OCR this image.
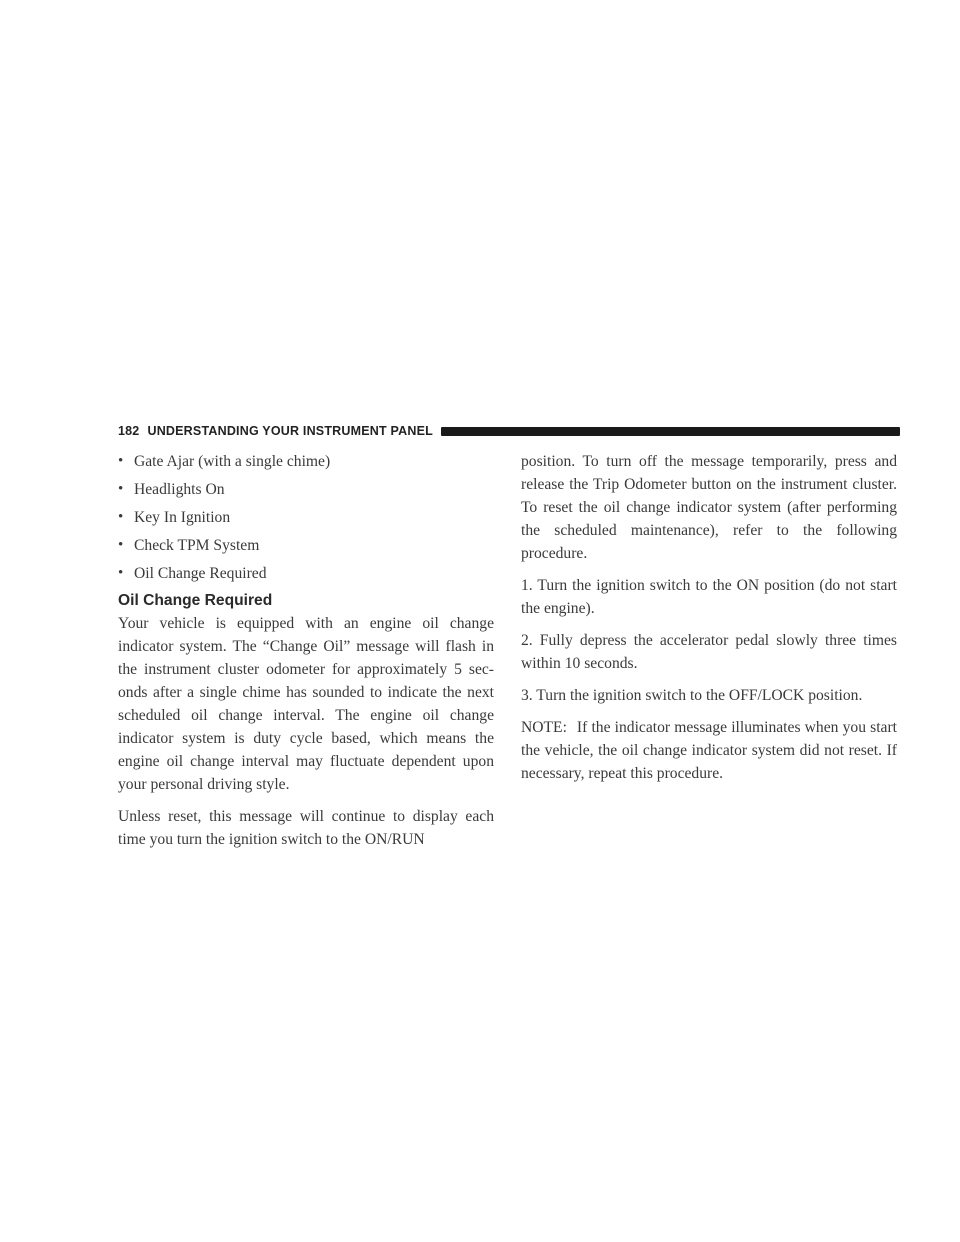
182 UNDERSTANDING YOUR INSTRUMENT PANEL
• Gate Ajar (with a single chime)
• Headlights On
• Key In Ignition
• Check TPM System
• Oil Change Required
Oil Change Required

Your vehicle is equipped with an engine oil change indicator system. The “Change Oil” message will flash in the instrument cluster odometer for approximately 5 sec- onds after a single chime has sounded to indicate the next scheduled oil change interval. The engine oil change indicator system is duty cycle based, which means the engine oil change interval may fluctuate dependent upon your personal driving style.

Unless reset, this message will continue to display each time you turn the ignition switch to the ON/RUN

position. To turn off the message temporarily, press and release the Trip Odometer button on the instrument cluster. To reset the oil change indicator system (after performing the scheduled maintenance), refer to the following procedure.

1. Turn the ignition switch to the ON position (do not start the engine).

2. Fully depress the accelerator pedal slowly three times within 10 seconds.

3. Turn the ignition switch to the OFF/LOCK position.

NOTE: If the indicator message illuminates when you start the vehicle, the oil change indicator system did not reset. If necessary, repeat this procedure.
